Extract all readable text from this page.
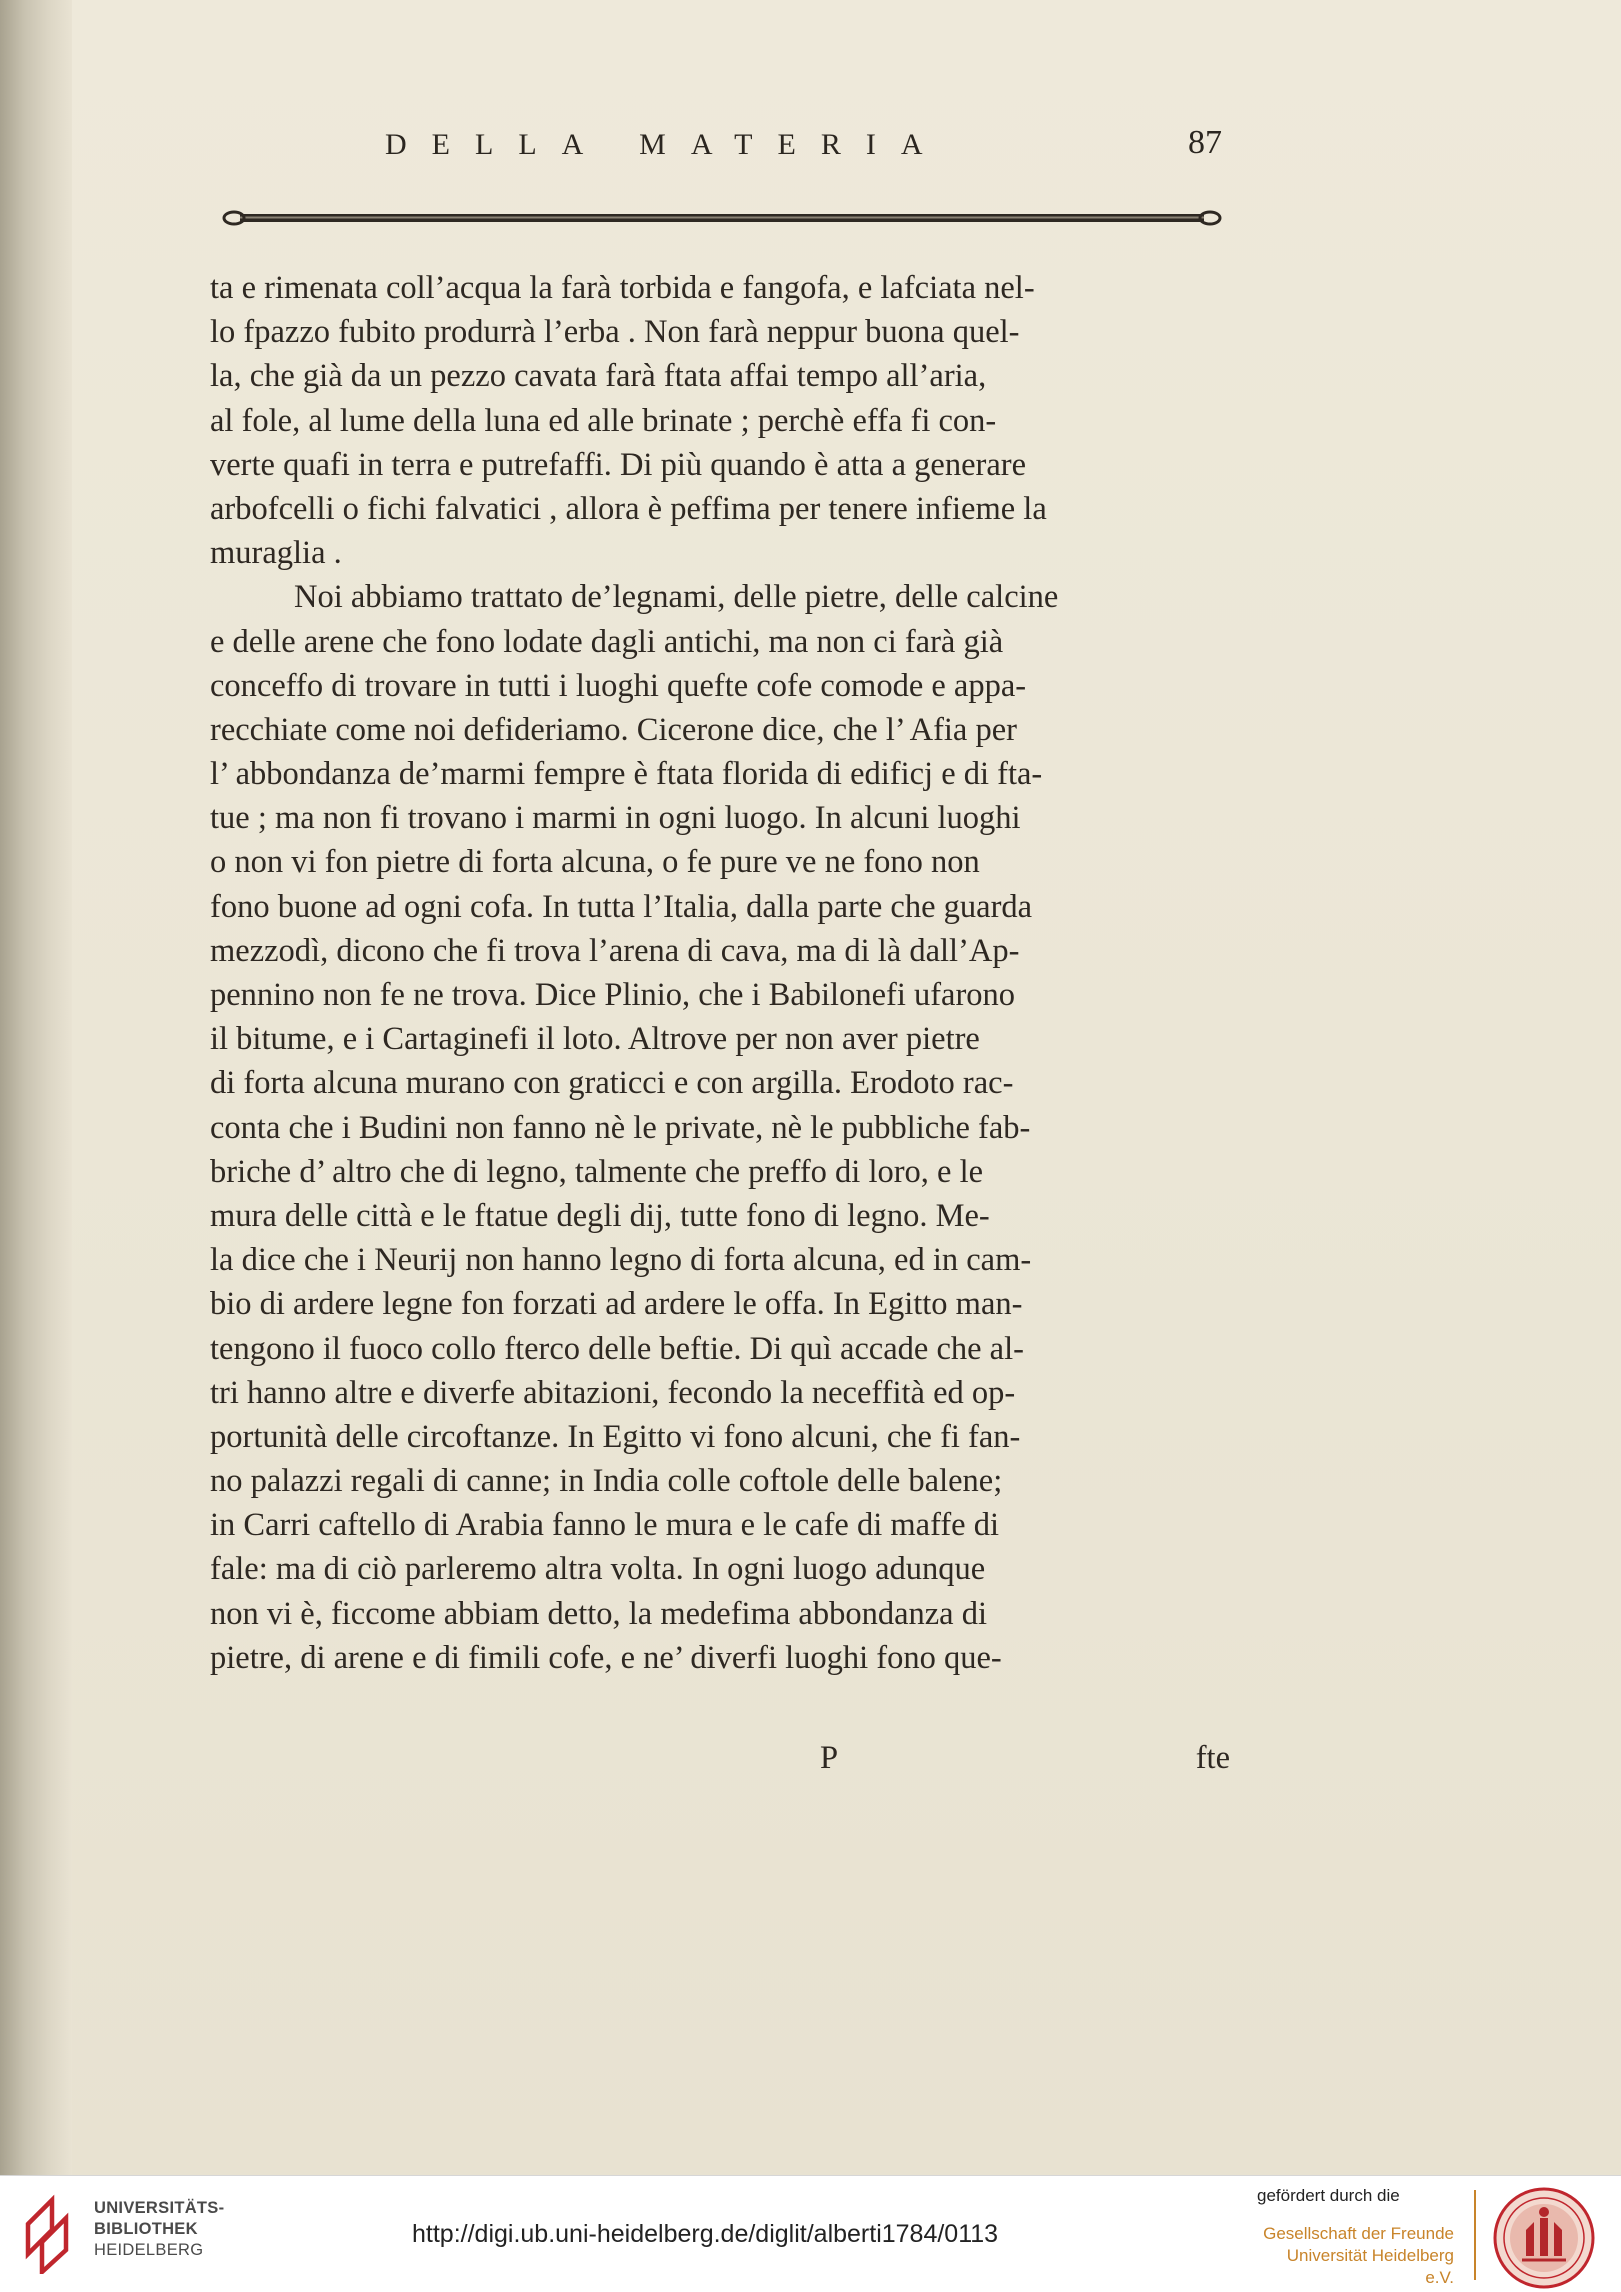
DELLA MATERIA	87
ta e rimenata coll’acqua la farà torbida e fangofa, e lafciata nel-
lo fpazzo fubito produrrà l’erba . Non farà neppur buona quel-
la, che già da un pezzo cavata farà ftata affai tempo all’aria,
al fole, al lume della luna ed alle brinate ; perchè effa fi con-
verte quafi in terra e putrefaffi. Di più quando è atta a generare
arbofcelli o fichi falvatici , allora è peffima per tenere infieme la
muraglia .
Noi abbiamo trattato de’legnami, delle pietre, delle calcine
e delle arene che fono lodate dagli antichi, ma non ci farà già
conceffo di trovare in tutti i luoghi quefte cofe comode e appa-
recchiate come noi defideriamo. Cicerone dice, che l’ Afia per
l’ abbondanza de’marmi fempre è ftata florida di edificj e di fta-
tue ; ma non fi trovano i marmi in ogni luogo. In alcuni luoghi
o non vi fon pietre di forta alcuna, o fe pure ve ne fono non
fono buone ad ogni cofa. In tutta l’Italia, dalla parte che guarda
mezzodì, dicono che fi trova l’arena di cava, ma di là dall’Ap-
pennino non fe ne trova. Dice Plinio, che i Babilonefi ufarono
il bitume, e i Cartaginefi il loto. Altrove per non aver pietre
di forta alcuna murano con graticci e con argilla. Erodoto rac-
conta che i Budini non fanno nè le private, nè le pubbliche fab-
briche d’ altro che di legno, talmente che preffo di loro, e le
mura delle città e le ftatue degli dij, tutte fono di legno. Me-
la dice che i Neurij non hanno legno di forta alcuna, ed in cam-
bio di ardere legne fon forzati ad ardere le offa. In Egitto man-
tengono il fuoco collo fterco delle beftie. Di quì accade che al-
tri hanno altre e diverfe abitazioni, fecondo la neceffità ed op-
portunità delle circoftanze. In Egitto vi fono alcuni, che fi fan-
no palazzi regali di canne; in India colle coftole delle balene;
in Carri caftello di Arabia fanno le mura e le cafe di maffe di
fale: ma di ciò parleremo altra volta. In ogni luogo adunque
non vi è, ficcome abbiam detto, la medefima abbondanza di
pietre, di arene e di fimili cofe, e ne’ diverfi luoghi fono que-
P	fte
UNIVERSITÄTS-
BIBLIOTHEK
HEIDELBERG
http://digi.ub.uni-heidelberg.de/diglit/alberti1784/0113
gefördert durch die
Gesellschaft der Freunde
Universität Heidelberg e.V.
